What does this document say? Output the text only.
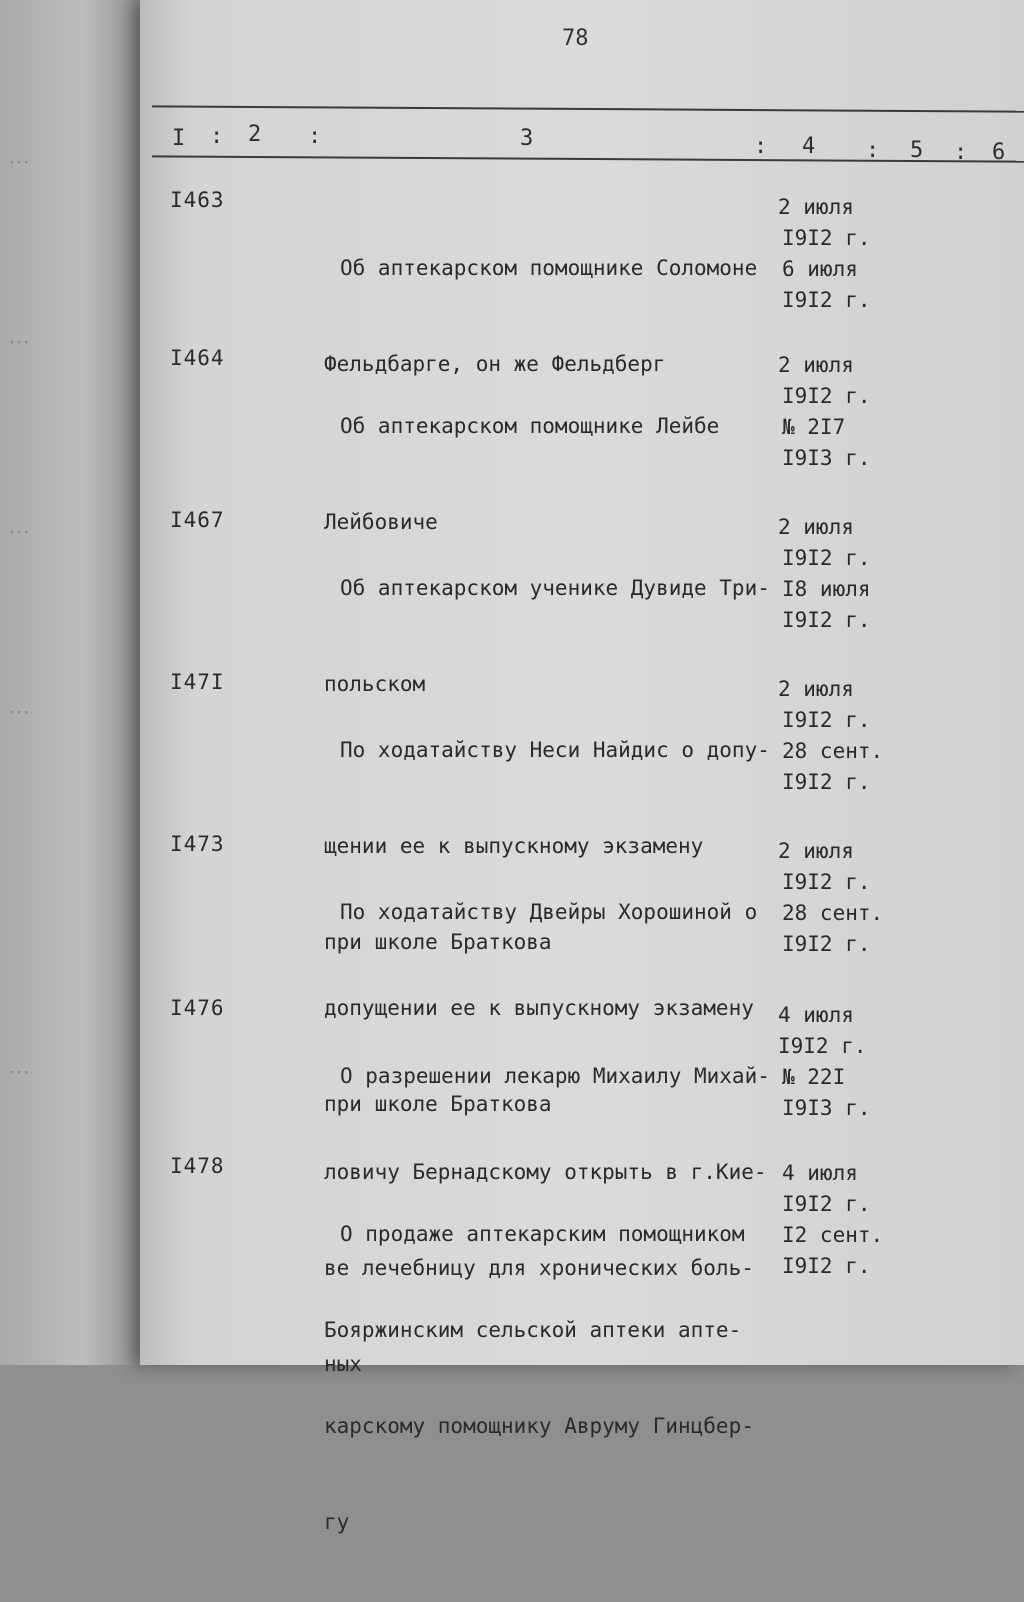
⋯
⋯
⋯
⋯
⋯
78
I : 2 :	3	: 4 : 5 : 6
I463

Об аптекарском помощнике Соломоне

Фельдбарге, он же Фельдберг

2 июля
I9I2 г.
6 июля
I9I2 г.
I464

Об аптекарском помощнике Лейбе

Лейбовиче

2 июля
I9I2 г.
№ 2I7
I9I3 г.
I467

Об аптекарском ученике Дувиде Три-

польском

2 июля
I9I2 г.
I8 июля
I9I2 г.
I47I

По ходатайству Неси Найдис о допу-

щении ее к выпускному экзамену

при школе Браткова

2 июля
I9I2 г.
28 сент.
I9I2 г.
I473

По ходатайству Двейры Хорошиной о

допущении ее к выпускному экзамену

при школе Браткова

2 июля
I9I2 г.
28 сент.
I9I2 г.
I476

О разрешении лекарю Михаилу Михай-

ловичу Бернадскому открыть в г.Кие-

ве лечебницу для хронических боль-

ных

4 июля
I9I2 г.
№ 22I
I9I3 г.
I478

О продаже аптекарским помощником

Бояржинским сельской аптеки апте-

карскому помощнику Авруму Гинцбер-

гу

4 июля
I9I2 г.
I2 сент.
I9I2 г.
